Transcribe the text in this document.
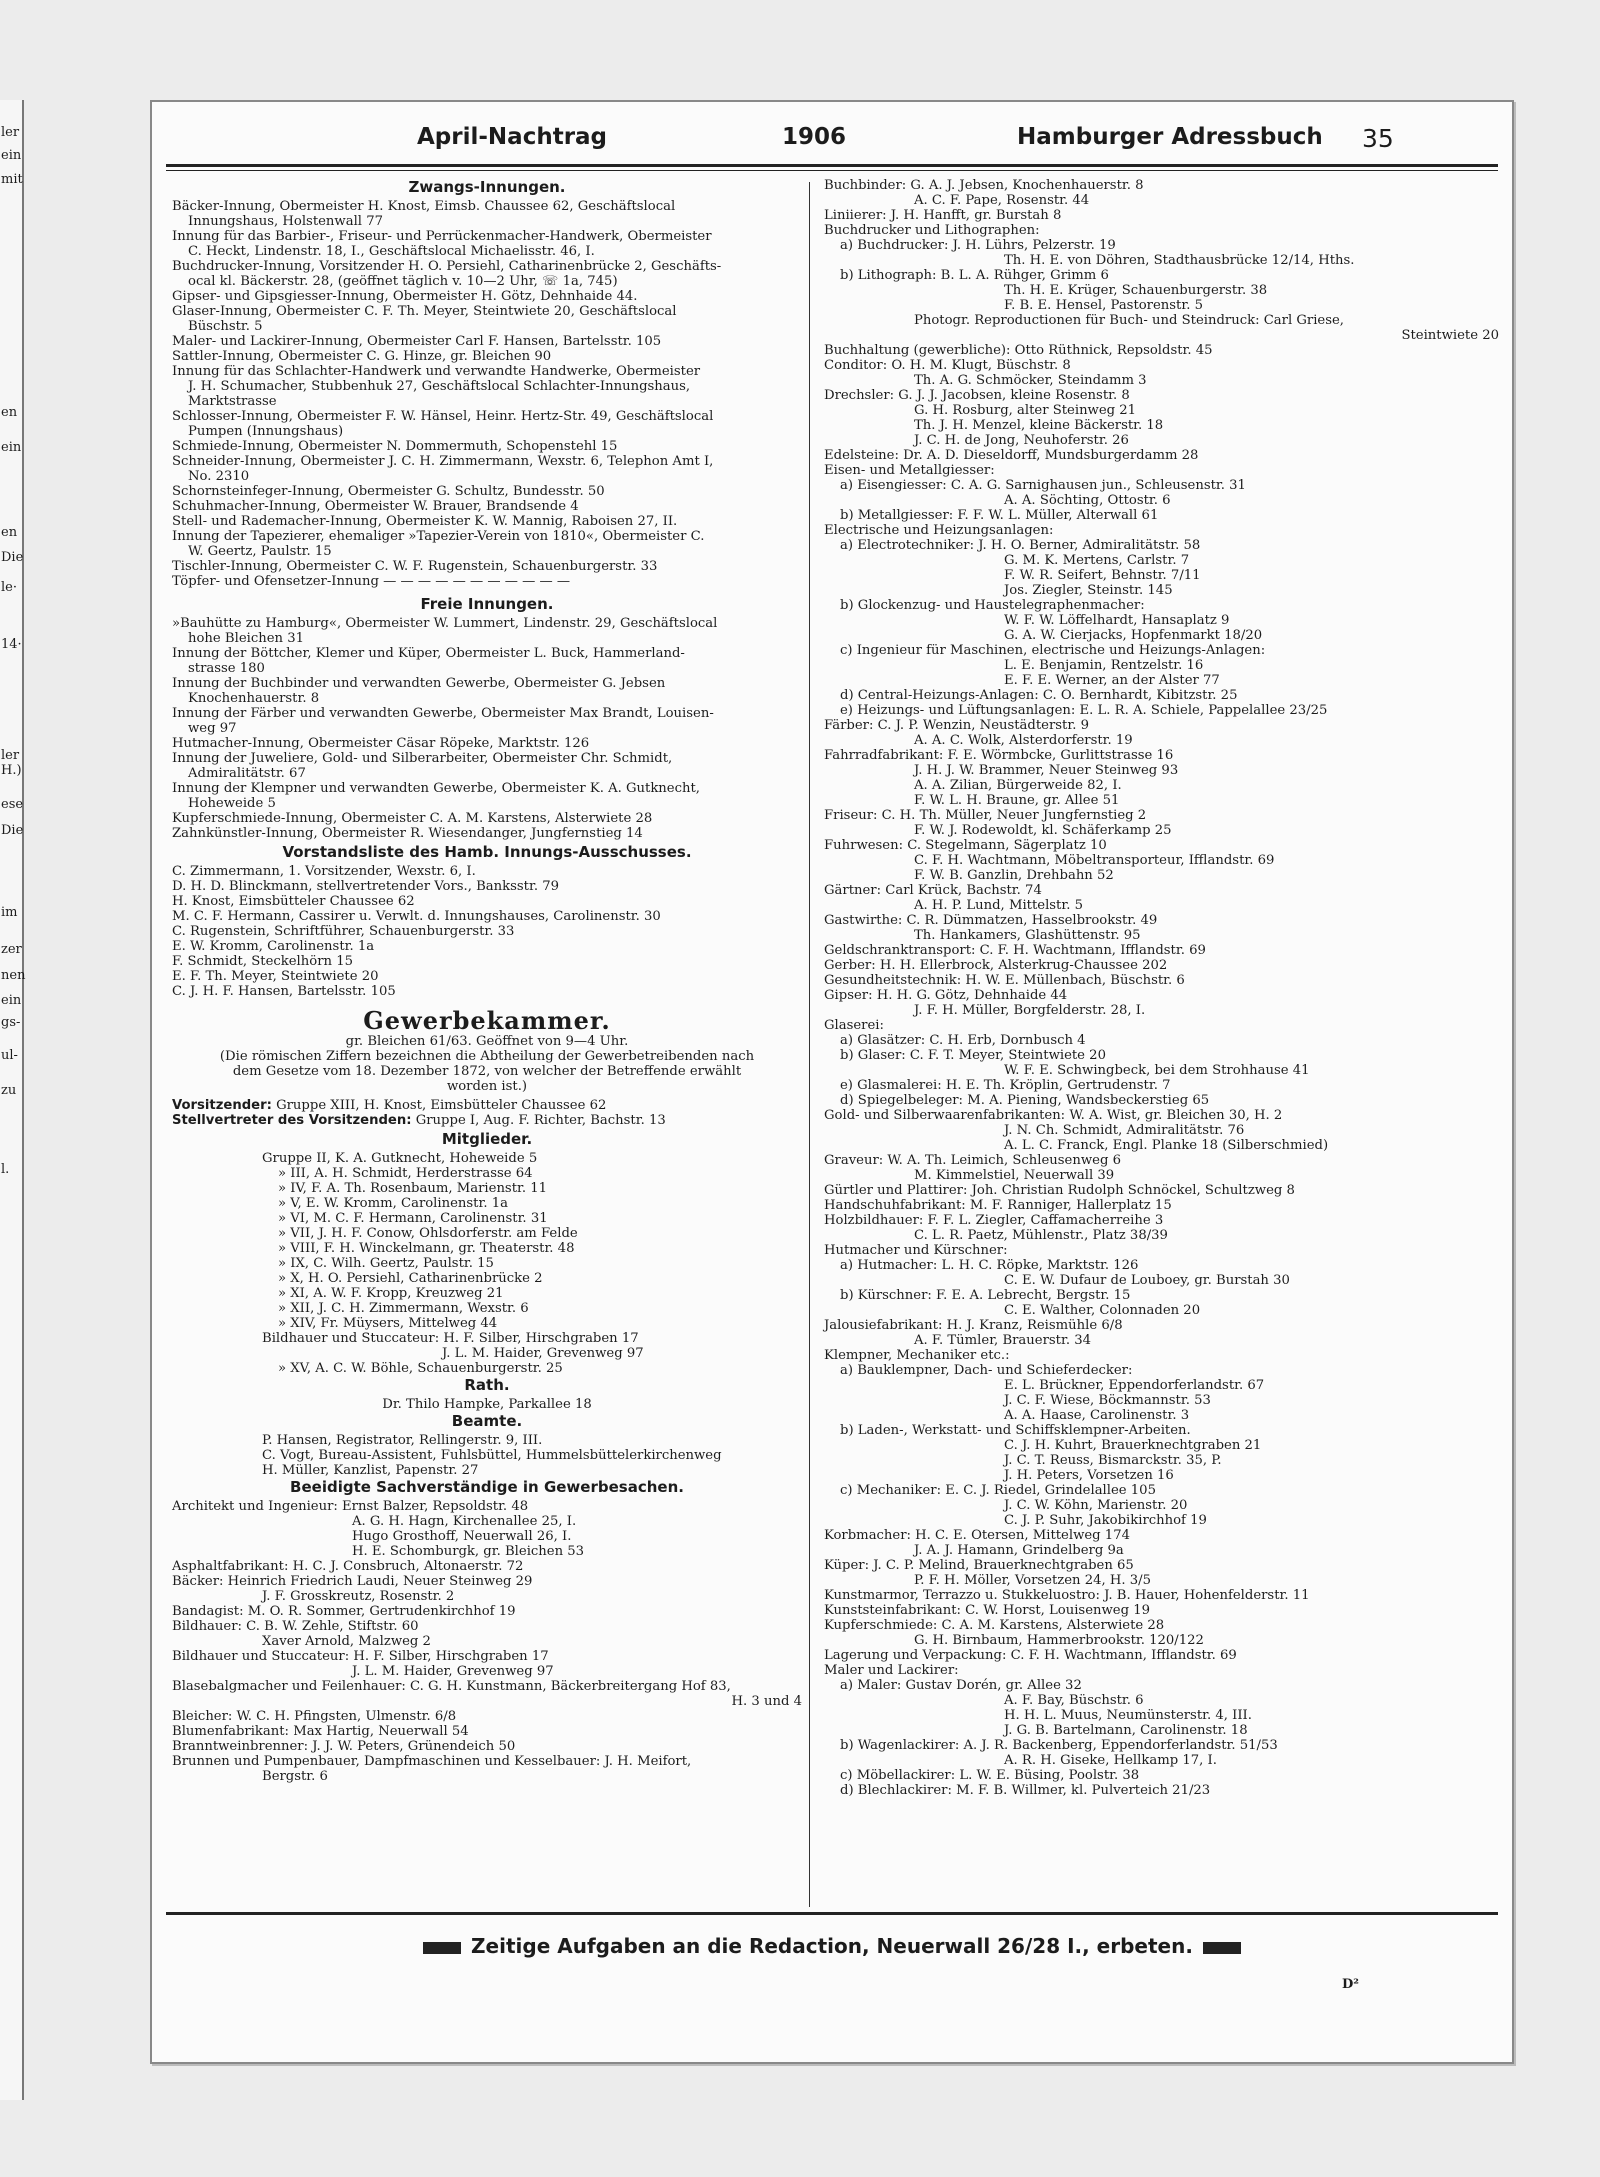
ler
ein
mit
en
ein
en
Die
le·
14·
ler
H.)
ese
Die
im
zer
nen
ein
gs-
ul-
zu
l.
April-Nachtrag	1906	Hamburger Adressbuch 35
Zwangs-Innungen.
Bäcker-Innung, Obermeister H. Knost, Eimsb. Chaussee 62, Geschäftslocal
Innungshaus, Holstenwall 77
Innung für das Barbier-, Friseur- und Perrückenmacher-Handwerk, Obermeister
C. Heckt, Lindenstr. 18, I., Geschäftslocal Michaelisstr. 46, I.
Buchdrucker-Innung, Vorsitzender H. O. Persiehl, Catharinenbrücke 2, Geschäfts-
ocal kl. Bäckerstr. 28, (geöffnet täglich v. 10—2 Uhr, ☏ 1a, 745)
Gipser- und Gipsgiesser-Innung, Obermeister H. Götz, Dehnhaide 44.
Glaser-Innung, Obermeister C. F. Th. Meyer, Steintwiete 20, Geschäftslocal
Büschstr. 5
Maler- und Lackirer-Innung, Obermeister Carl F. Hansen, Bartelsstr. 105
Sattler-Innung, Obermeister C. G. Hinze, gr. Bleichen 90
Innung für das Schlachter-Handwerk und verwandte Handwerke, Obermeister
J. H. Schumacher, Stubbenhuk 27, Geschäftslocal Schlachter-Innungshaus,
Marktstrasse
Schlosser-Innung, Obermeister F. W. Hänsel, Heinr. Hertz-Str. 49, Geschäftslocal
Pumpen (Innungshaus)
Schmiede-Innung, Obermeister N. Dommermuth, Schopenstehl 15
Schneider-Innung, Obermeister J. C. H. Zimmermann, Wexstr. 6, Telephon Amt I,
No. 2310
Schornsteinfeger-Innung, Obermeister G. Schultz, Bundesstr. 50
Schuhmacher-Innung, Obermeister W. Brauer, Brandsende 4
Stell- und Rademacher-Innung, Obermeister K. W. Mannig, Raboisen 27, II.
Innung der Tapezierer, ehemaliger »Tapezier-Verein von 1810«, Obermeister C.
W. Geertz, Paulstr. 15
Tischler-Innung, Obermeister C. W. F. Rugenstein, Schauenburgerstr. 33
Töpfer- und Ofensetzer-Innung — — — — — — — — — — —
Freie Innungen.
»Bauhütte zu Hamburg«, Obermeister W. Lummert, Lindenstr. 29, Geschäftslocal
hohe Bleichen 31
Innung der Böttcher, Klemer und Küper, Obermeister L. Buck, Hammerland-
strasse 180
Innung der Buchbinder und verwandten Gewerbe, Obermeister G. Jebsen
Knochenhauerstr. 8
Innung der Färber und verwandten Gewerbe, Obermeister Max Brandt, Louisen-
weg 97
Hutmacher-Innung, Obermeister Cäsar Röpeke, Marktstr. 126
Innung der Juweliere, Gold- und Silberarbeiter, Obermeister Chr. Schmidt,
Admiralitätstr. 67
Innung der Klempner und verwandten Gewerbe, Obermeister K. A. Gutknecht,
Hoheweide 5
Kupferschmiede-Innung, Obermeister C. A. M. Karstens, Alsterwiete 28
Zahnkünstler-Innung, Obermeister R. Wiesendanger, Jungfernstieg 14
Vorstandsliste des Hamb. Innungs-Ausschusses.
C. Zimmermann, 1. Vorsitzender, Wexstr. 6, I.
D. H. D. Blinckmann, stellvertretender Vors., Banksstr. 79
H. Knost, Eimsbütteler Chaussee 62
M. C. F. Hermann, Cassirer u. Verwlt. d. Innungshauses, Carolinenstr. 30
C. Rugenstein, Schriftführer, Schauenburgerstr. 33
E. W. Kromm, Carolinenstr. 1a
F. Schmidt, Steckelhörn 15
E. F. Th. Meyer, Steintwiete 20
C. J. H. F. Hansen, Bartelsstr. 105
Gewerbekammer.
gr. Bleichen 61/63. Geöffnet von 9—4 Uhr.
(Die römischen Ziffern bezeichnen die Abtheilung der Gewerbetreibenden nach
dem Gesetze vom 18. Dezember 1872, von welcher der Betreffende erwählt
worden ist.)
Vorsitzender: Gruppe XIII, H. Knost, Eimsbütteler Chaussee 62
Stellvertreter des Vorsitzenden: Gruppe I, Aug. F. Richter, Bachstr. 13
Mitglieder.
Gruppe II, K. A. Gutknecht, Hoheweide 5
» III, A. H. Schmidt, Herderstrasse 64
» IV, F. A. Th. Rosenbaum, Marienstr. 11
» V, E. W. Kromm, Carolinenstr. 1a
» VI, M. C. F. Hermann, Carolinenstr. 31
» VII, J. H. F. Conow, Ohlsdorferstr. am Felde
» VIII, F. H. Winckelmann, gr. Theaterstr. 48
» IX, C. Wilh. Geertz, Paulstr. 15
» X, H. O. Persiehl, Catharinenbrücke 2
» XI, A. W. F. Kropp, Kreuzweg 21
» XII, J. C. H. Zimmermann, Wexstr. 6
» XIV, Fr. Müysers, Mittelweg 44
Bildhauer und Stuccateur: H. F. Silber, Hirschgraben 17
J. L. M. Haider, Grevenweg 97
» XV, A. C. W. Böhle, Schauenburgerstr. 25
Rath.
Dr. Thilo Hampke, Parkallee 18
Beamte.
P. Hansen, Registrator, Rellingerstr. 9, III.
C. Vogt, Bureau-Assistent, Fuhlsbüttel, Hummelsbüttelerkirchenweg
H. Müller, Kanzlist, Papenstr. 27
Beeidigte Sachverständige in Gewerbesachen.
Architekt und Ingenieur: Ernst Balzer, Repsoldstr. 48
A. G. H. Hagn, Kirchenallee 25, I.
Hugo Grosthoff, Neuerwall 26, I.
H. E. Schomburgk, gr. Bleichen 53
Asphaltfabrikant: H. C. J. Consbruch, Altonaerstr. 72
Bäcker: Heinrich Friedrich Laudi, Neuer Steinweg 29
J. F. Grosskreutz, Rosenstr. 2
Bandagist: M. O. R. Sommer, Gertrudenkirchhof 19
Bildhauer: C. B. W. Zehle, Stiftstr. 60
Xaver Arnold, Malzweg 2
Bildhauer und Stuccateur: H. F. Silber, Hirschgraben 17
J. L. M. Haider, Grevenweg 97
Blasebalgmacher und Feilenhauer: C. G. H. Kunstmann, Bäckerbreitergang Hof 83,
H. 3 und 4
Bleicher: W. C. H. Pfingsten, Ulmenstr. 6/8
Blumenfabrikant: Max Hartig, Neuerwall 54
Branntweinbrenner: J. J. W. Peters, Grünendeich 50
Brunnen und Pumpenbauer, Dampfmaschinen und Kesselbauer: J. H. Meifort,
Bergstr. 6
Buchbinder: G. A. J. Jebsen, Knochenhauerstr. 8
A. C. F. Pape, Rosenstr. 44
Liniierer: J. H. Hanfft, gr. Burstah 8
Buchdrucker und Lithographen:
a) Buchdrucker: J. H. Lührs, Pelzerstr. 19
Th. H. E. von Döhren, Stadthausbrücke 12/14, Hths.
b) Lithograph: B. L. A. Rühger, Grimm 6
Th. H. E. Krüger, Schauenburgerstr. 38
F. B. E. Hensel, Pastorenstr. 5
Photogr. Reproductionen für Buch- und Steindruck: Carl Griese,
Steintwiete 20
Buchhaltung (gewerbliche): Otto Rüthnick, Repsoldstr. 45
Conditor: O. H. M. Klugt, Büschstr. 8
Th. A. G. Schmöcker, Steindamm 3
Drechsler: G. J. J. Jacobsen, kleine Rosenstr. 8
G. H. Rosburg, alter Steinweg 21
Th. J. H. Menzel, kleine Bäckerstr. 18
J. C. H. de Jong, Neuhoferstr. 26
Edelsteine: Dr. A. D. Dieseldorff, Mundsburgerdamm 28
Eisen- und Metallgiesser:
a) Eisengiesser: C. A. G. Sarnighausen jun., Schleusenstr. 31
A. A. Söchting, Ottostr. 6
b) Metallgiesser: F. F. W. L. Müller, Alterwall 61
Electrische und Heizungsanlagen:
a) Electrotechniker: J. H. O. Berner, Admiralitätstr. 58
G. M. K. Mertens, Carlstr. 7
F. W. R. Seifert, Behnstr. 7/11
Jos. Ziegler, Steinstr. 145
b) Glockenzug- und Haustelegraphenmacher:
W. F. W. Löffelhardt, Hansaplatz 9
G. A. W. Cierjacks, Hopfenmarkt 18/20
c) Ingenieur für Maschinen, electrische und Heizungs-Anlagen:
L. E. Benjamin, Rentzelstr. 16
E. F. E. Werner, an der Alster 77
d) Central-Heizungs-Anlagen: C. O. Bernhardt, Kibitzstr. 25
e) Heizungs- und Lüftungsanlagen: E. L. R. A. Schiele, Pappelallee 23/25
Färber: C. J. P. Wenzin, Neustädterstr. 9
A. A. C. Wolk, Alsterdorferstr. 19
Fahrradfabrikant: F. E. Wörmbcke, Gurlittstrasse 16
J. H. J. W. Brammer, Neuer Steinweg 93
A. A. Zilian, Bürgerweide 82, I.
F. W. L. H. Braune, gr. Allee 51
Friseur: C. H. Th. Müller, Neuer Jungfernstieg 2
F. W. J. Rodewoldt, kl. Schäferkamp 25
Fuhrwesen: C. Stegelmann, Sägerplatz 10
C. F. H. Wachtmann, Möbeltransporteur, Ifflandstr. 69
F. W. B. Ganzlin, Drehbahn 52
Gärtner: Carl Krück, Bachstr. 74
A. H. P. Lund, Mittelstr. 5
Gastwirthe: C. R. Dümmatzen, Hasselbrookstr. 49
Th. Hankamers, Glashüttenstr. 95
Geldschranktransport: C. F. H. Wachtmann, Ifflandstr. 69
Gerber: H. H. Ellerbrock, Alsterkrug-Chaussee 202
Gesundheitstechnik: H. W. E. Müllenbach, Büschstr. 6
Gipser: H. H. G. Götz, Dehnhaide 44
J. F. H. Müller, Borgfelderstr. 28, I.
Glaserei:
a) Glasätzer: C. H. Erb, Dornbusch 4
b) Glaser: C. F. T. Meyer, Steintwiete 20
W. F. E. Schwingbeck, bei dem Strohhause 41
e) Glasmalerei: H. E. Th. Kröplin, Gertrudenstr. 7
d) Spiegelbeleger: M. A. Piening, Wandsbeckerstieg 65
Gold- und Silberwaarenfabrikanten: W. A. Wist, gr. Bleichen 30, H. 2
J. N. Ch. Schmidt, Admiralitätstr. 76
A. L. C. Franck, Engl. Planke 18 (Silberschmied)
Graveur: W. A. Th. Leimich, Schleusenweg 6
M. Kimmelstiel, Neuerwall 39
Gürtler und Plattirer: Joh. Christian Rudolph Schnöckel, Schultzweg 8
Handschuhfabrikant: M. F. Ranniger, Hallerplatz 15
Holzbildhauer: F. F. L. Ziegler, Caffamacherreihe 3
C. L. R. Paetz, Mühlenstr., Platz 38/39
Hutmacher und Kürschner:
a) Hutmacher: L. H. C. Röpke, Marktstr. 126
C. E. W. Dufaur de Louboey, gr. Burstah 30
b) Kürschner: F. E. A. Lebrecht, Bergstr. 15
C. E. Walther, Colonnaden 20
Jalousiefabrikant: H. J. Kranz, Reismühle 6/8
A. F. Tümler, Brauerstr. 34
Klempner, Mechaniker etc.:
a) Bauklempner, Dach- und Schieferdecker:
E. L. Brückner, Eppendorferlandstr. 67
J. C. F. Wiese, Böckmannstr. 53
A. A. Haase, Carolinenstr. 3
b) Laden-, Werkstatt- und Schiffsklempner-Arbeiten.
C. J. H. Kuhrt, Brauerknechtgraben 21
J. C. T. Reuss, Bismarckstr. 35, P.
J. H. Peters, Vorsetzen 16
c) Mechaniker: E. C. J. Riedel, Grindelallee 105
J. C. W. Köhn, Marienstr. 20
C. J. P. Suhr, Jakobikirchhof 19
Korbmacher: H. C. E. Otersen, Mittelweg 174
J. A. J. Hamann, Grindelberg 9a
Küper: J. C. P. Melind, Brauerknechtgraben 65
P. F. H. Möller, Vorsetzen 24, H. 3/5
Kunstmarmor, Terrazzo u. Stukkeluostro: J. B. Hauer, Hohenfelderstr. 11
Kunststeinfabrikant: C. W. Horst, Louisenweg 19
Kupferschmiede: C. A. M. Karstens, Alsterwiete 28
G. H. Birnbaum, Hammerbrookstr. 120/122
Lagerung und Verpackung: C. F. H. Wachtmann, Ifflandstr. 69
Maler und Lackirer:
a) Maler: Gustav Dorén, gr. Allee 32
A. F. Bay, Büschstr. 6
H. H. L. Muus, Neumünsterstr. 4, III.
J. G. B. Bartelmann, Carolinenstr. 18
b) Wagenlackirer: A. J. R. Backenberg, Eppendorferlandstr. 51/53
A. R. H. Giseke, Hellkamp 17, I.
c) Möbellackirer: L. W. E. Büsing, Poolstr. 38
d) Blechlackirer: M. F. B. Willmer, kl. Pulverteich 21/23
Zeitige Aufgaben an die Redaction, Neuerwall 26/28 I., erbeten.
D²
